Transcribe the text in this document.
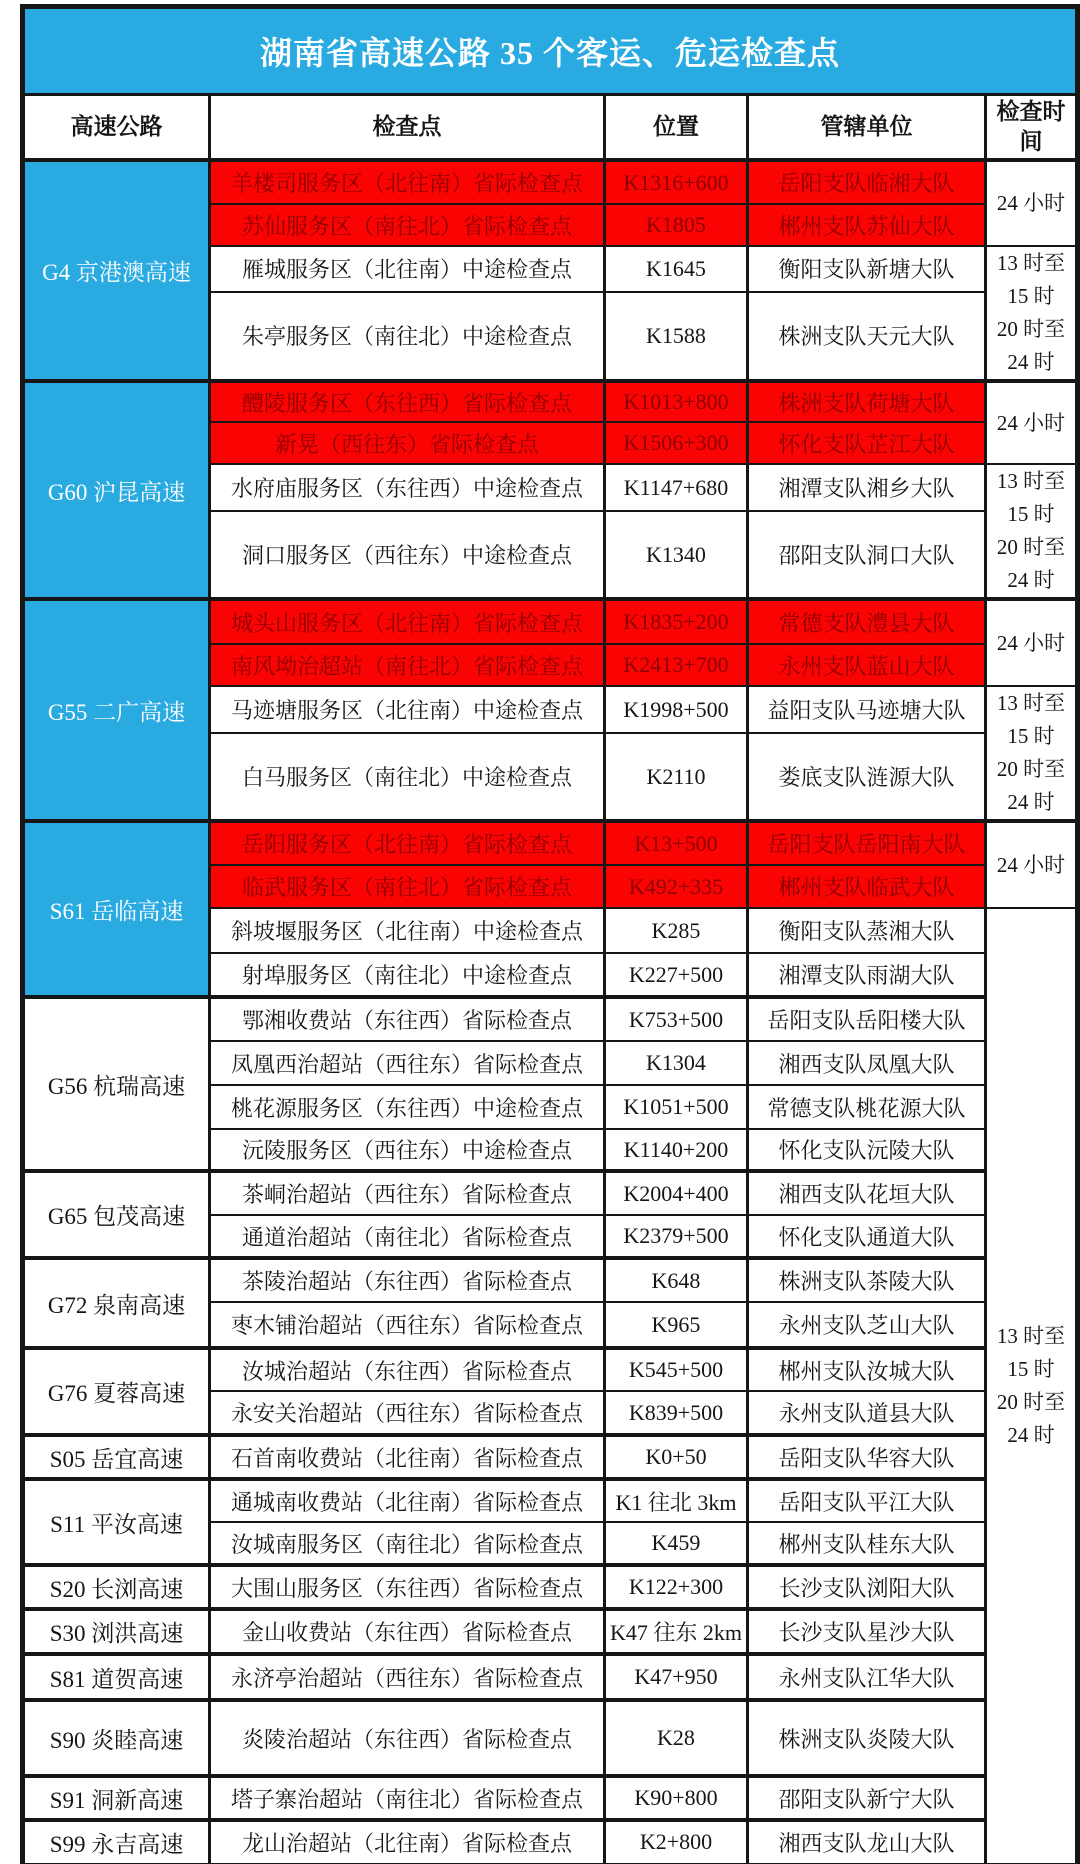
湖南省高速公路 35 个客运、危运检查点				
高速公路	检查点	位置	管辖单位	检查时间
G4 京港澳高速	羊楼司服务区（北往南）省际检查点	K1316+600	岳阳支队临湘大队	24 小时

	苏仙服务区（南往北）省际检查点	K1805	郴州支队苏仙大队	
	雁城服务区（北往南）中途检查点	K1645	衡阳支队新塘大队	13 时至
15 时
20 时至
24 时

	朱亭服务区（南往北）中途检查点	K1588	株洲支队天元大队	
G60 沪昆高速	醴陵服务区（东往西）省际检查点	K1013+800	株洲支队荷塘大队	24 小时

	新晃（西往东）省际检查点	K1506+300	怀化支队芷江大队	
	水府庙服务区（东往西）中途检查点	K1147+680	湘潭支队湘乡大队	13 时至
15 时
20 时至
24 时

	洞口服务区（西往东）中途检查点	K1340	邵阳支队洞口大队	
G55 二广高速	城头山服务区（北往南）省际检查点	K1835+200	常德支队澧县大队	24 小时

	南风坳治超站（南往北）省际检查点	K2413+700	永州支队蓝山大队	
	马迹塘服务区（北往南）中途检查点	K1998+500	益阳支队马迹塘大队	13 时至
15 时
20 时至
24 时

	白马服务区（南往北）中途检查点	K2110	娄底支队涟源大队	
S61 岳临高速	岳阳服务区（北往南）省际检查点	K13+500	岳阳支队岳阳南大队	24 小时

	临武服务区（南往北）省际检查点	K492+335	郴州支队临武大队	
	斜坡堰服务区（北往南）中途检查点	K285	衡阳支队蒸湘大队	13 时至
15 时
20 时至
24 时

	射埠服务区（南往北）中途检查点	K227+500	湘潭支队雨湖大队	
G56 杭瑞高速	鄂湘收费站（东往西）省际检查点	K753+500	岳阳支队岳阳楼大队	
	凤凰西治超站（西往东）省际检查点	K1304	湘西支队凤凰大队	
	桃花源服务区（东往西）中途检查点	K1051+500	常德支队桃花源大队	
	沅陵服务区（西往东）中途检查点	K1140+200	怀化支队沅陵大队	
G65 包茂高速	茶峒治超站（西往东）省际检查点	K2004+400	湘西支队花垣大队	
	通道治超站（南往北）省际检查点	K2379+500	怀化支队通道大队	
G72 泉南高速	茶陵治超站（东往西）省际检查点	K648	株洲支队茶陵大队	
	枣木铺治超站（西往东）省际检查点	K965	永州支队芝山大队	
G76 夏蓉高速	汝城治超站（东往西）省际检查点	K545+500	郴州支队汝城大队	
	永安关治超站（西往东）省际检查点	K839+500	永州支队道县大队	
S05 岳宜高速	石首南收费站（北往南）省际检查点	K0+50	岳阳支队华容大队	
S11 平汝高速	通城南收费站（北往南）省际检查点	K1 往北 3km	岳阳支队平江大队	
	汝城南服务区（南往北）省际检查点	K459	郴州支队桂东大队	
S20 长浏高速	大围山服务区（东往西）省际检查点	K122+300	长沙支队浏阳大队	
S30 浏洪高速	金山收费站（东往西）省际检查点	K47 往东 2km	长沙支队星沙大队	
S81 道贺高速	永济亭治超站（西往东）省际检查点	K47+950	永州支队江华大队	
S90 炎睦高速	炎陵治超站（东往西）省际检查点	K28	株洲支队炎陵大队	
S91 洞新高速	塔子寨治超站（南往北）省际检查点	K90+800	邵阳支队新宁大队	
S99 永吉高速	龙山治超站（北往南）省际检查点	K2+800	湘西支队龙山大队	
